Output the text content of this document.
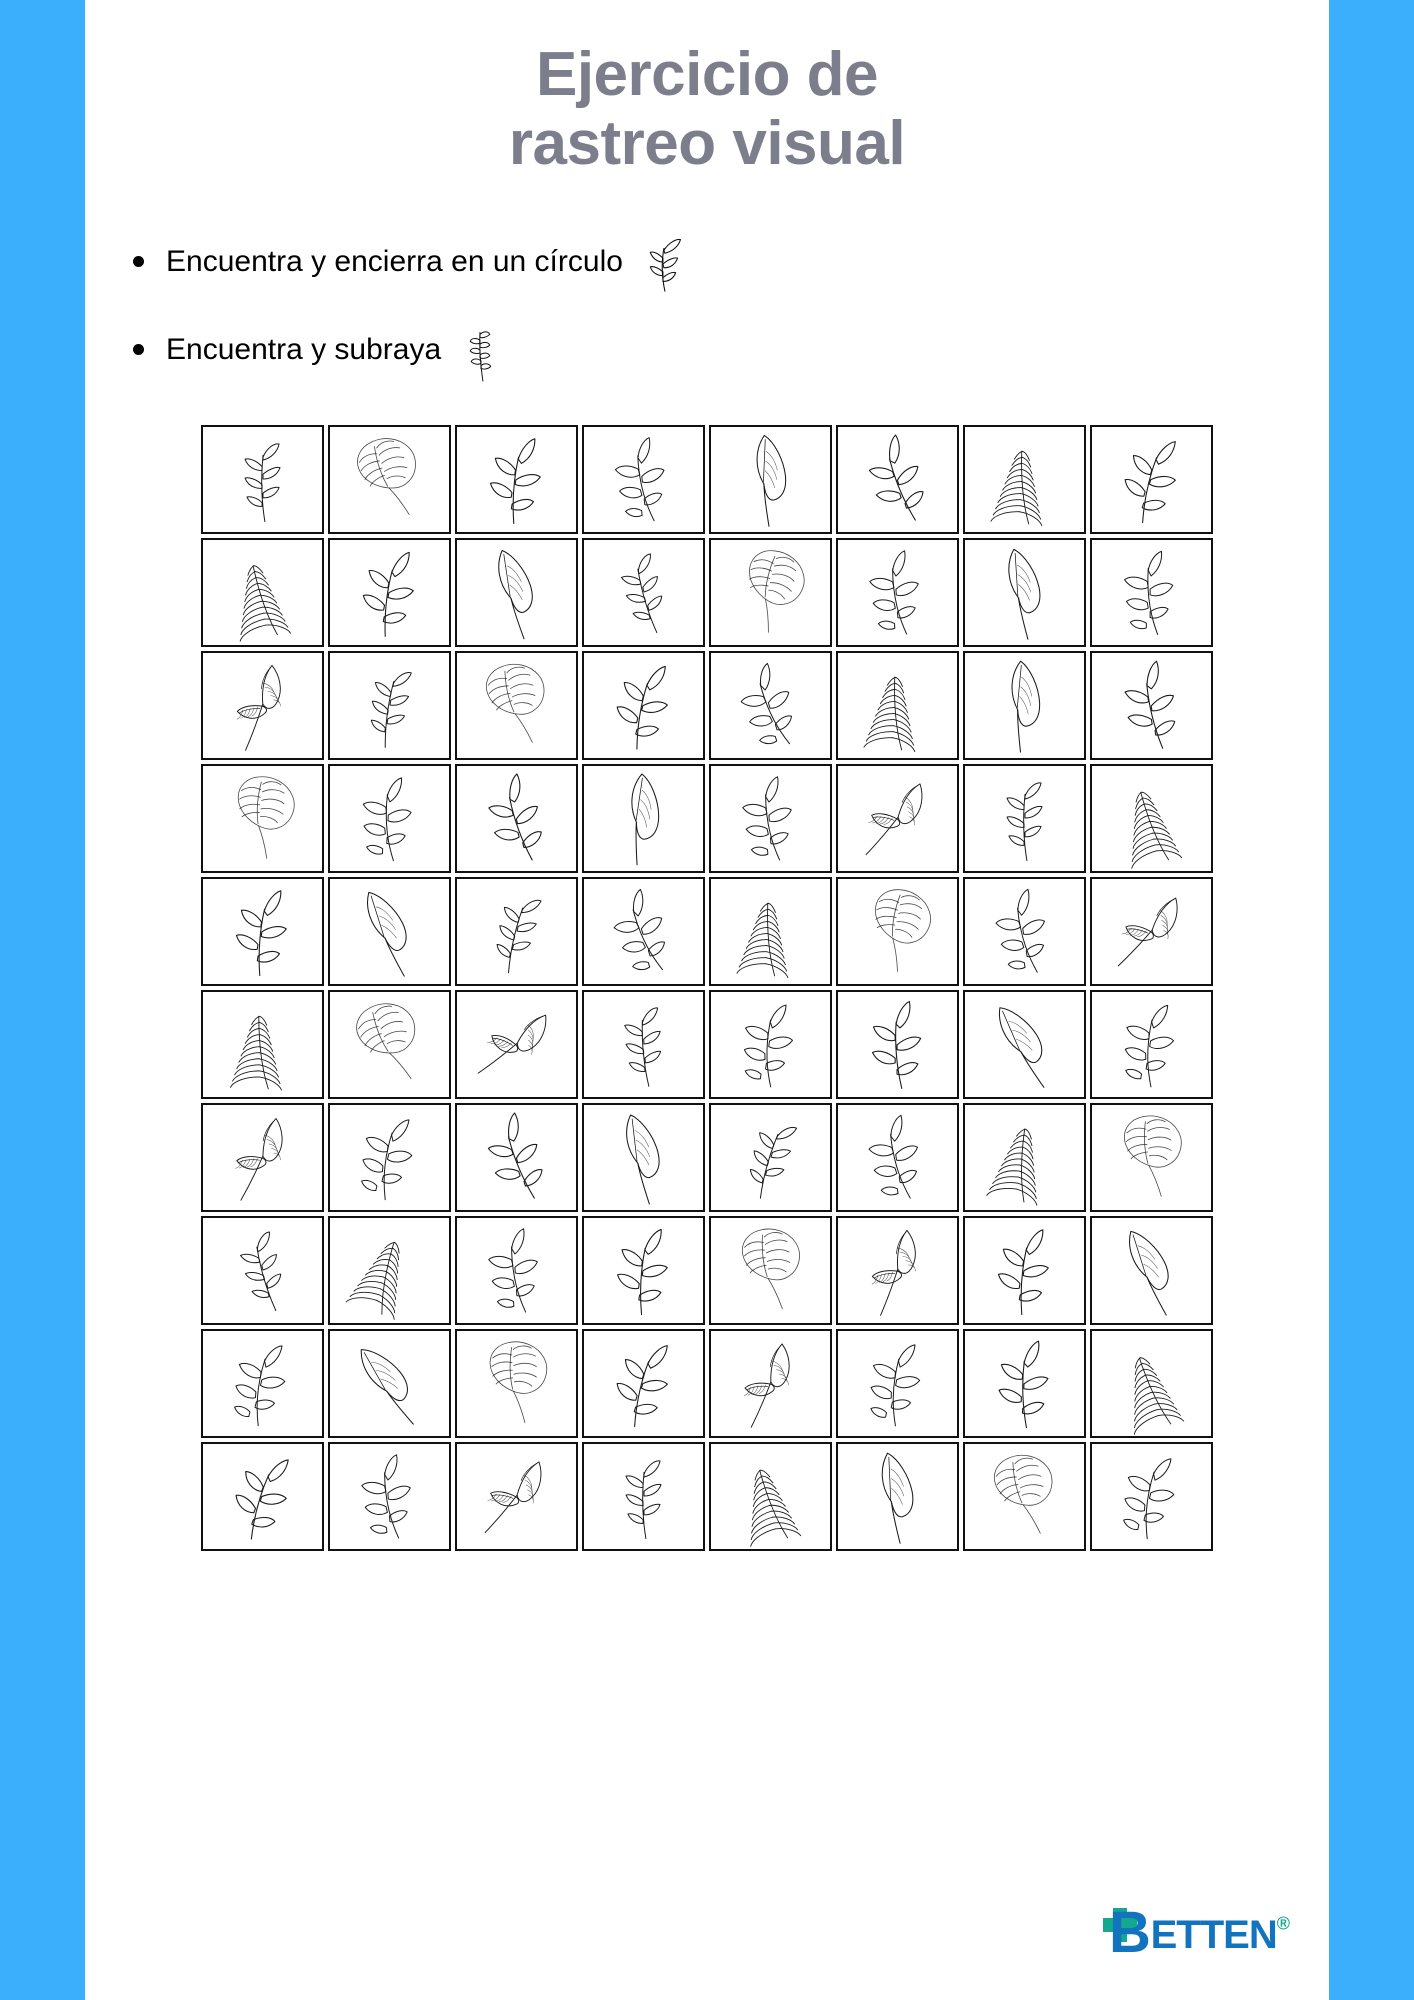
Ejercicio de
rastreo visual
Encuentra y encierra en un círculo
Encuentra y subraya
B ETTEN®
